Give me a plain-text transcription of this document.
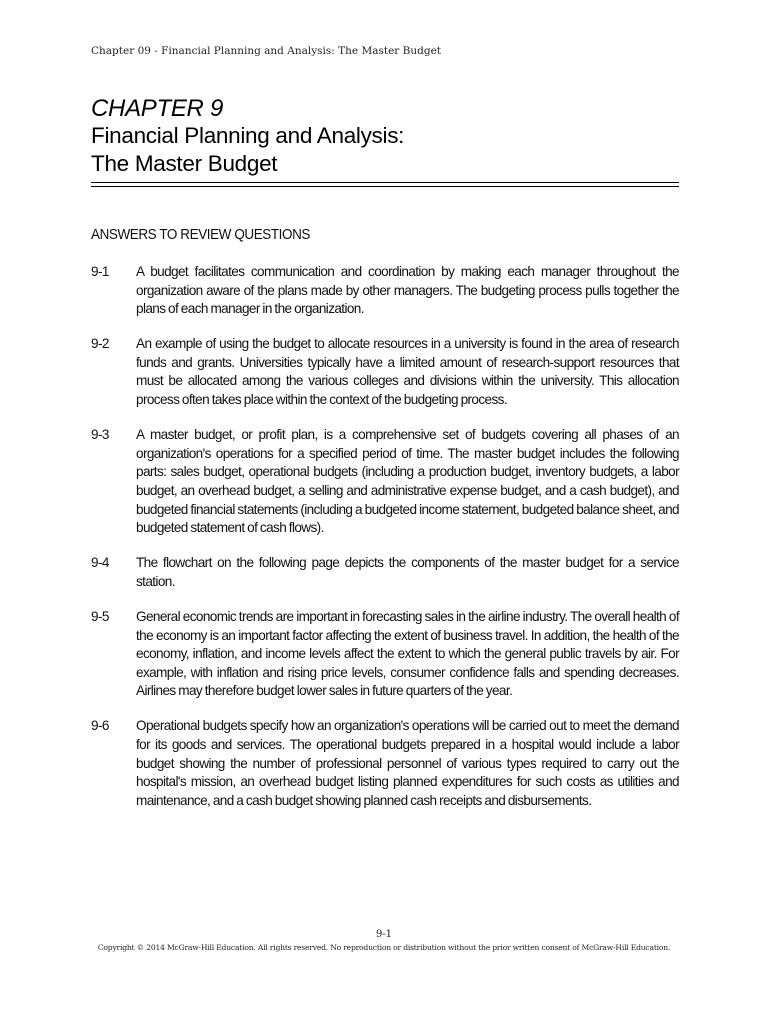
Chapter 09 - Financial Planning and Analysis: The Master Budget
CHAPTER 9
Financial Planning and Analysis:
The Master Budget
ANSWERS TO REVIEW QUESTIONS
9-1	A budget facilitates communication and coordination by making each manager throughout the organization aware of the plans made by other managers. The budgeting process pulls together the plans of each manager in the organization.
9-2	An example of using the budget to allocate resources in a university is found in the area of research funds and grants. Universities typically have a limited amount of research-support resources that must be allocated among the various colleges and divisions within the university. This allocation process often takes place within the context of the budgeting process.
9-3	A master budget, or profit plan, is a comprehensive set of budgets covering all phases of an organization's operations for a specified period of time. The master budget includes the following parts: sales budget, operational budgets (including a production budget, inventory budgets, a labor budget, an overhead budget, a selling and administrative expense budget, and a cash budget), and budgeted financial statements (including a budgeted income statement, budgeted balance sheet, and budgeted statement of cash flows).
9-4	The flowchart on the following page depicts the components of the master budget for a service station.
9-5	General economic trends are important in forecasting sales in the airline industry. The overall health of the economy is an important factor affecting the extent of business travel. In addition, the health of the economy, inflation, and income levels affect the extent to which the general public travels by air. For example, with inflation and rising price levels, consumer confidence falls and spending decreases. Airlines may therefore budget lower sales in future quarters of the year.
9-6	Operational budgets specify how an organization's operations will be carried out to meet the demand for its goods and services. The operational budgets prepared in a hospital would include a labor budget showing the number of professional personnel of various types required to carry out the hospital's mission, an overhead budget listing planned expenditures for such costs as utilities and maintenance, and a cash budget showing planned cash receipts and disbursements.
9-1
Copyright © 2014 McGraw-Hill Education. All rights reserved. No reproduction or distribution without the prior written consent of McGraw-Hill Education.
